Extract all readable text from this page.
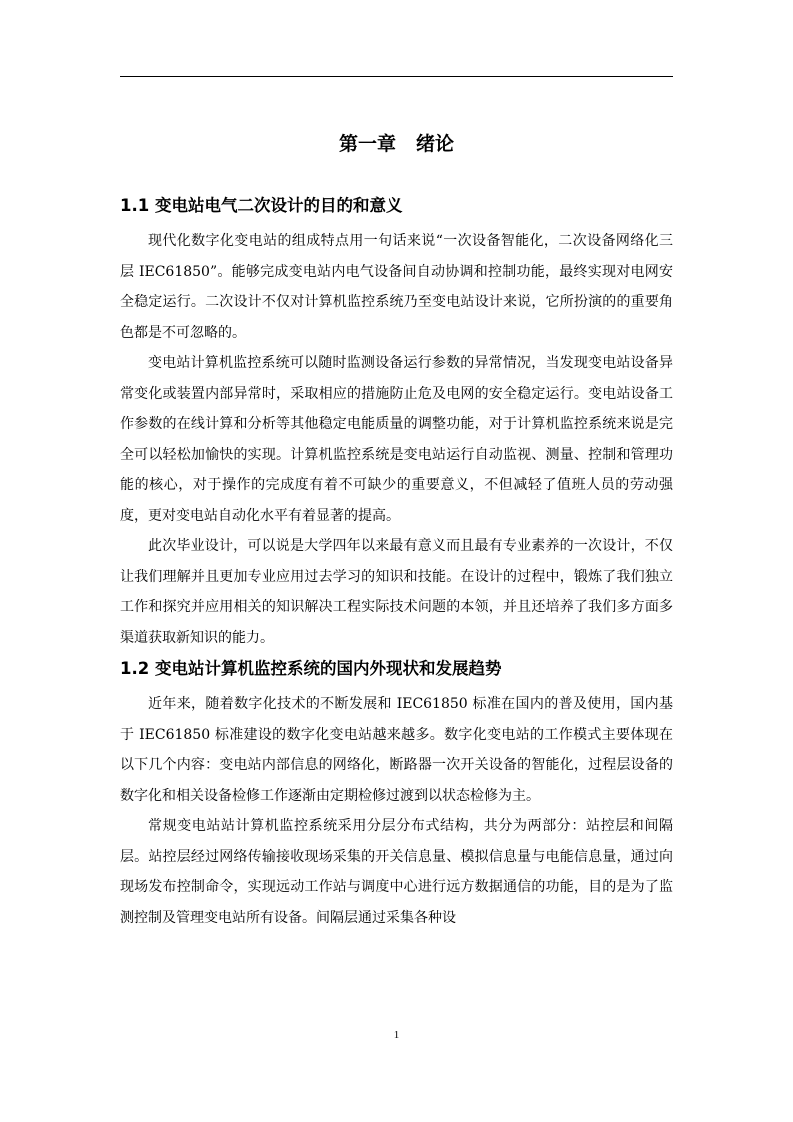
第一章 绪论
1.1 变电站电气二次设计的目的和意义

现代化数字化变电站的组成特点用一句话来说“一次设备智能化，二次设备网络化三层 IEC61850”。能够完成变电站内电气设备间自动协调和控制功能，最终实现对电网安全稳定运行。二次设计不仅对计算机监控系统乃至变电站设计来说，它所扮演的的重要角色都是不可忽略的。

变电站计算机监控系统可以随时监测设备运行参数的异常情况，当发现变电站设备异常变化或装置内部异常时，采取相应的措施防止危及电网的安全稳定运行。变电站设备工作参数的在线计算和分析等其他稳定电能质量的调整功能，对于计算机监控系统来说是完全可以轻松加愉快的实现。计算机监控系统是变电站运行自动监视、测量、控制和管理功能的核心，对于操作的完成度有着不可缺少的重要意义，不但减轻了值班人员的劳动强度，更对变电站自动化水平有着显著的提高。

此次毕业设计，可以说是大学四年以来最有意义而且最有专业素养的一次设计，不仅让我们理解并且更加专业应用过去学习的知识和技能。在设计的过程中，锻炼了我们独立工作和探究并应用相关的知识解决工程实际技术问题的本领，并且还培养了我们多方面多渠道获取新知识的能力。

1.2 变电站计算机监控系统的国内外现状和发展趋势

近年来，随着数字化技术的不断发展和 IEC61850 标准在国内的普及使用，国内基于 IEC61850 标准建设的数字化变电站越来越多。数字化变电站的工作模式主要体现在以下几个内容：变电站内部信息的网络化，断路器一次开关设备的智能化，过程层设备的数字化和相关设备检修工作逐渐由定期检修过渡到以状态检修为主。

常规变电站站计算机监控系统采用分层分布式结构，共分为两部分：站控层和间隔层。站控层经过网络传输接收现场采集的开关信息量、模拟信息量与电能信息量，通过向现场发布控制命令，实现远动工作站与调度中心进行远方数据通信的功能，目的是为了监测控制及管理变电站所有设备。间隔层通过采集各种设

1
